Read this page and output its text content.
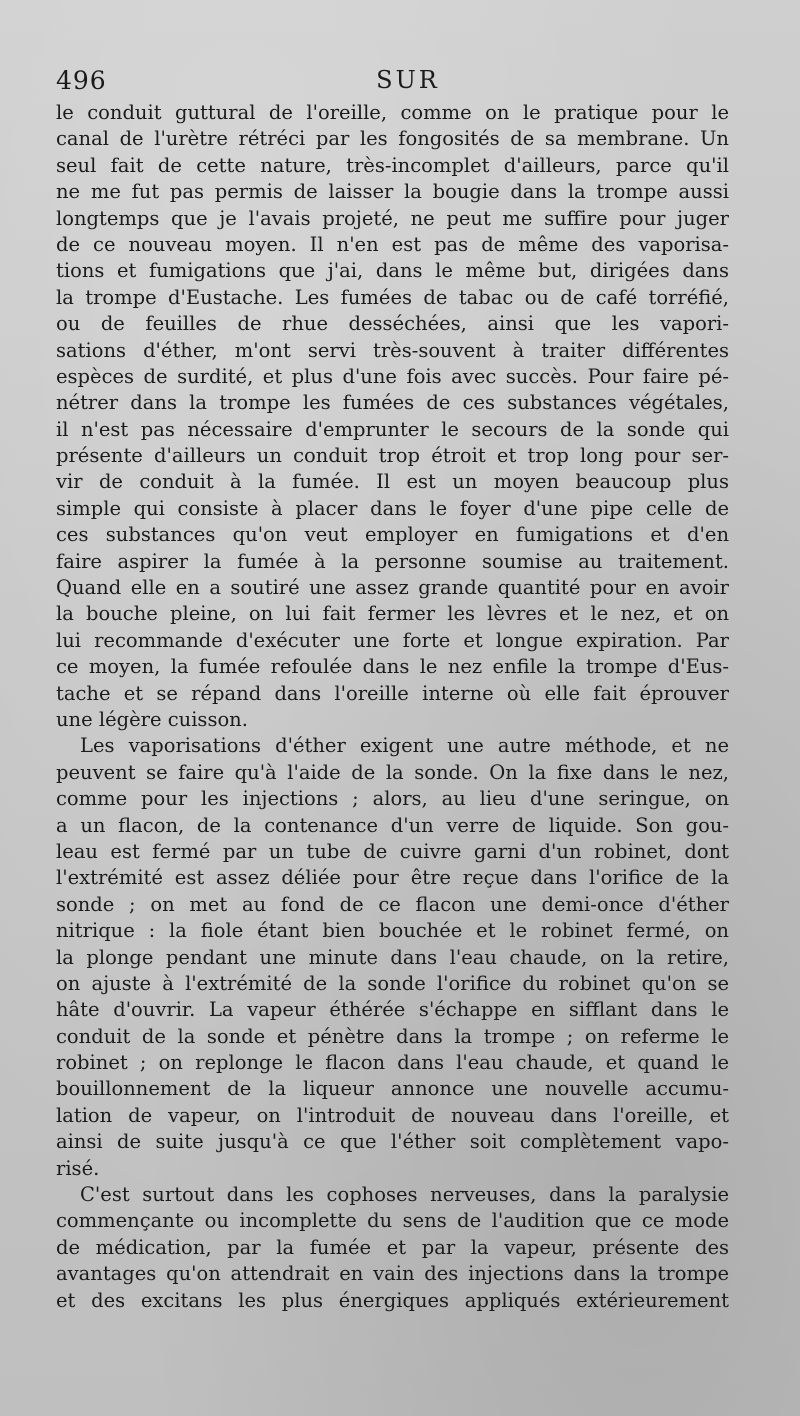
496	SUR
le conduit guttural de l'oreille, comme on le pratique pour le
canal de l'urètre rétréci par les fongosités de sa membrane. Un
seul fait de cette nature, très-incomplet d'ailleurs, parce qu'il
ne me fut pas permis de laisser la bougie dans la trompe aussi
longtemps que je l'avais projeté, ne peut me suffire pour juger
de ce nouveau moyen. Il n'en est pas de même des vaporisa-
tions et fumigations que j'ai, dans le même but, dirigées dans
la trompe d'Eustache. Les fumées de tabac ou de café torréfié,
ou de feuilles de rhue desséchées, ainsi que les vapori-
sations d'éther, m'ont servi très-souvent à traiter différentes
espèces de surdité, et plus d'une fois avec succès. Pour faire pé-
nétrer dans la trompe les fumées de ces substances végétales,
il n'est pas nécessaire d'emprunter le secours de la sonde qui
présente d'ailleurs un conduit trop étroit et trop long pour ser-
vir de conduit à la fumée. Il est un moyen beaucoup plus
simple qui consiste à placer dans le foyer d'une pipe celle de
ces substances qu'on veut employer en fumigations et d'en
faire aspirer la fumée à la personne soumise au traitement.
Quand elle en a soutiré une assez grande quantité pour en avoir
la bouche pleine, on lui fait fermer les lèvres et le nez, et on
lui recommande d'exécuter une forte et longue expiration. Par
ce moyen, la fumée refoulée dans le nez enfile la trompe d'Eus-
tache et se répand dans l'oreille interne où elle fait éprouver
une légère cuisson.
Les vaporisations d'éther exigent une autre méthode, et ne
peuvent se faire qu'à l'aide de la sonde. On la fixe dans le nez,
comme pour les injections ; alors, au lieu d'une seringue, on
a un flacon, de la contenance d'un verre de liquide. Son gou-
leau est fermé par un tube de cuivre garni d'un robinet, dont
l'extrémité est assez déliée pour être reçue dans l'orifice de la
sonde ; on met au fond de ce flacon une demi-once d'éther
nitrique : la fiole étant bien bouchée et le robinet fermé, on
la plonge pendant une minute dans l'eau chaude, on la retire,
on ajuste à l'extrémité de la sonde l'orifice du robinet qu'on se
hâte d'ouvrir. La vapeur éthérée s'échappe en sifflant dans le
conduit de la sonde et pénètre dans la trompe ; on referme le
robinet ; on replonge le flacon dans l'eau chaude, et quand le
bouillonnement de la liqueur annonce une nouvelle accumu-
lation de vapeur, on l'introduit de nouveau dans l'oreille, et
ainsi de suite jusqu'à ce que l'éther soit complètement vapo-
risé.
C'est surtout dans les cophoses nerveuses, dans la paralysie
commençante ou incomplette du sens de l'audition que ce mode
de médication, par la fumée et par la vapeur, présente des
avantages qu'on attendrait en vain des injections dans la trompe
et des excitans les plus énergiques appliqués extérieurement
